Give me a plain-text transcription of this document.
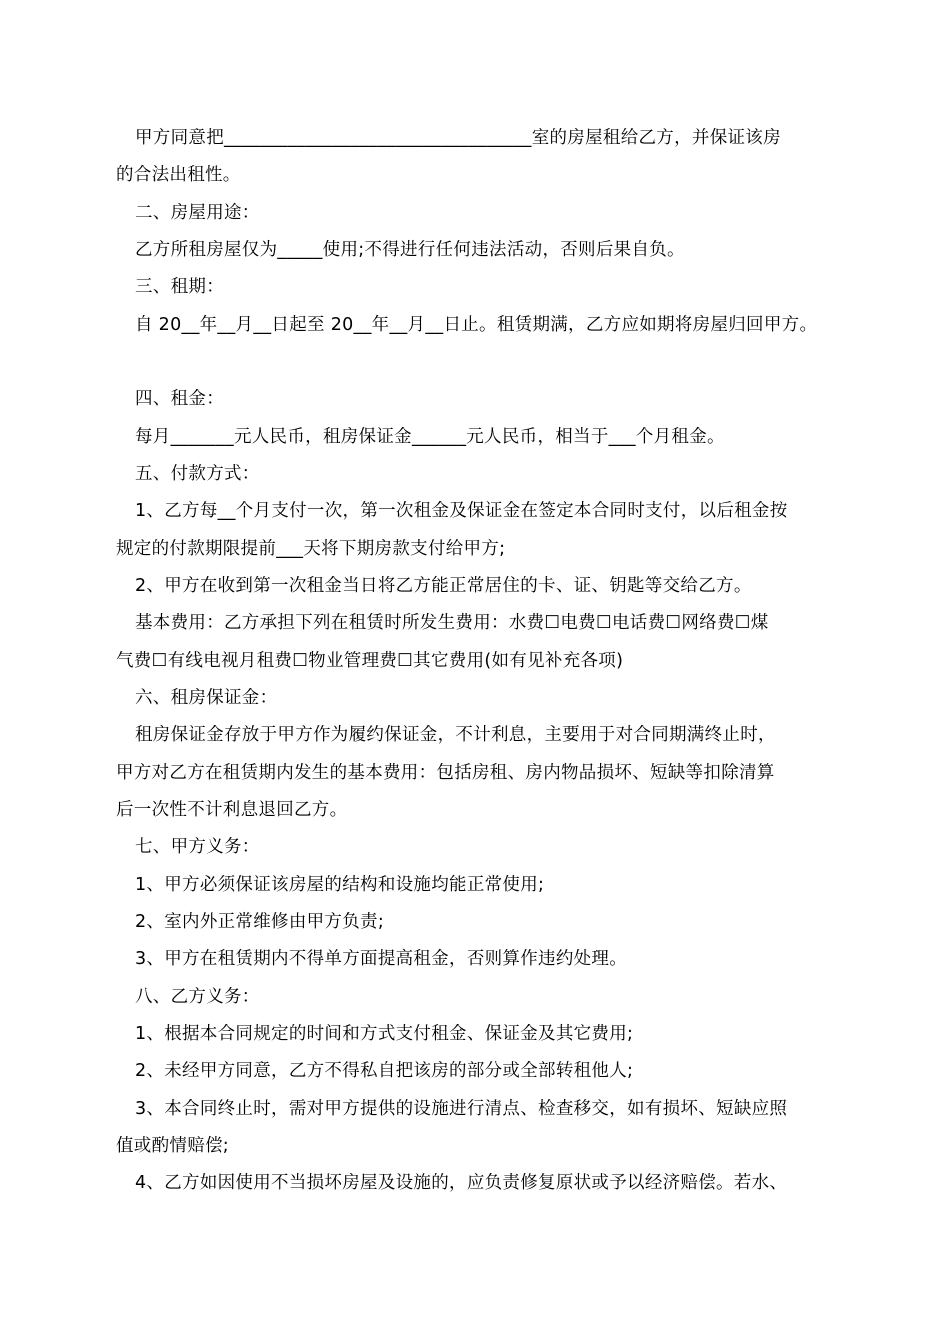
甲方同意把__________________________________室的房屋租给乙方，并保证该房
的合法出租性。
二、房屋用途：
乙方所租房屋仅为_____使用;不得进行任何违法活动，否则后果自负。
三、租期：
自 20__年__月__日起至 20__年__月__日止。租赁期满，乙方应如期将房屋归回甲方。
四、租金：
每月_______元人民币，租房保证金______元人民币，相当于___个月租金。
五、付款方式：
1、乙方每__个月支付一次，第一次租金及保证金在签定本合同时支付，以后租金按
规定的付款期限提前___天将下期房款支付给甲方;
2、甲方在收到第一次租金当日将乙方能正常居住的卡、证、钥匙等交给乙方。
基本费用：乙方承担下列在租赁时所发生费用：水费☐电费☐电话费☐网络费☐煤
气费☐有线电视月租费☐物业管理费☐其它费用(如有见补充各项)
六、租房保证金：
租房保证金存放于甲方作为履约保证金，不计利息，主要用于对合同期满终止时，
甲方对乙方在租赁期内发生的基本费用：包括房租、房内物品损坏、短缺等扣除清算
后一次性不计利息退回乙方。
七、甲方义务：
1、甲方必须保证该房屋的结构和设施均能正常使用;
2、室内外正常维修由甲方负责;
3、甲方在租赁期内不得单方面提高租金，否则算作违约处理。
八、乙方义务：
1、根据本合同规定的时间和方式支付租金、保证金及其它费用;
2、未经甲方同意，乙方不得私自把该房的部分或全部转租他人;
3、本合同终止时，需对甲方提供的设施进行清点、检查移交，如有损坏、短缺应照
值或酌情赔偿;
4、乙方如因使用不当损坏房屋及设施的，应负责修复原状或予以经济赔偿。若水、
